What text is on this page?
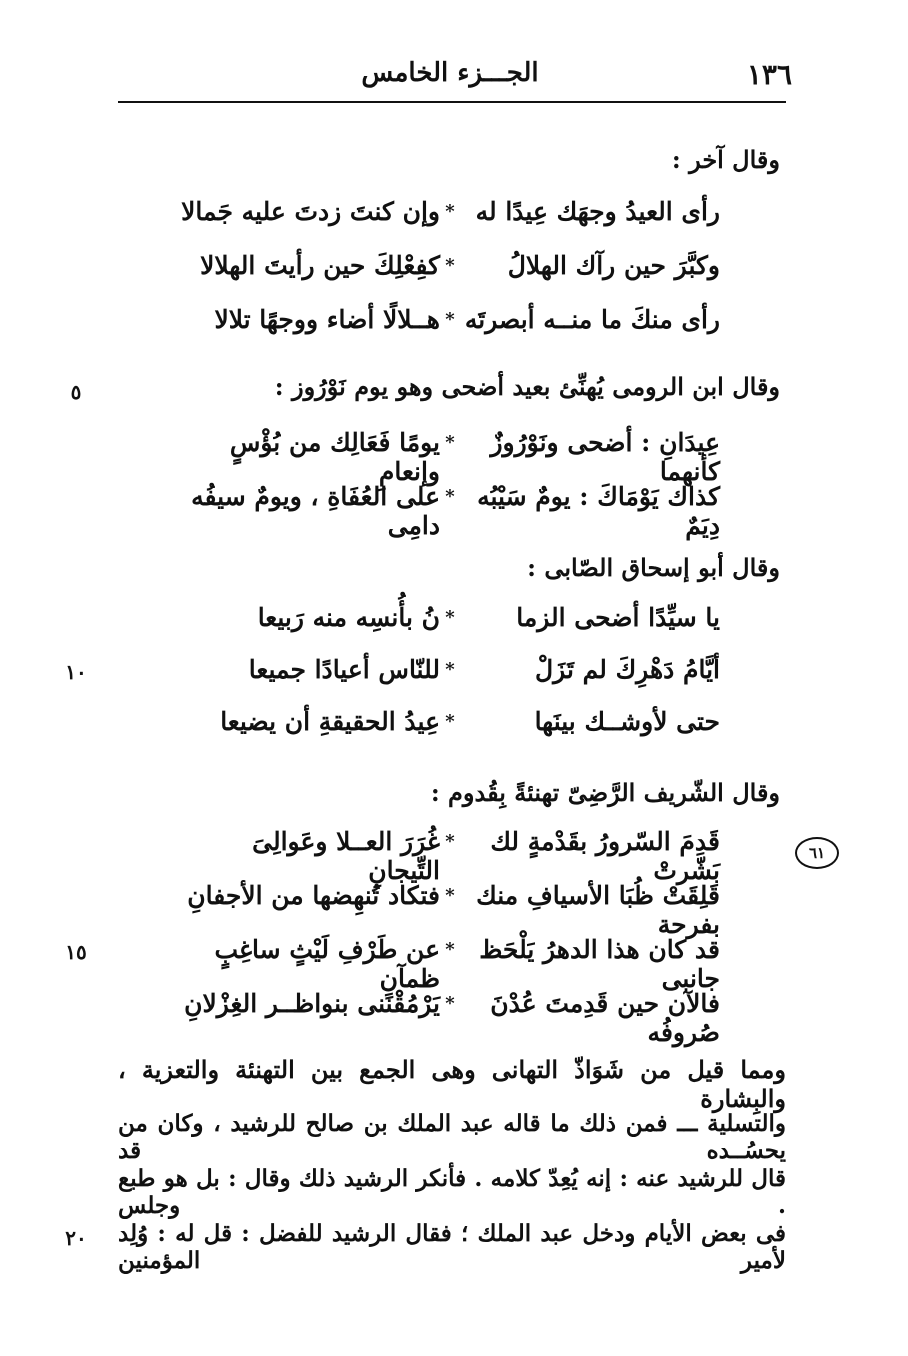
١٣٦
الجـــزء الخامس
وقال آخر :
رأى العيدُ وجهَك عِيدًا له
*
وإن كنتَ زدتَ عليه جَمالا
وكبَّرَ حين رآك الهلالُ
*
كفِعْلِكَ حين رأيتَ الهلالا
رأى منكَ ما منــه أبصرتَه
*
هــلالًا أضاء ووجهًا تلالا
وقال ابن الرومى يُهنِّئ بعيد أضحى وهو يوم نَوْرُوز :
٥
عِيدَانِ : أضحى ونَوْرُوزٌ كأنهما
*
يومًا فَعَالِك من بُؤْسٍ وإنعامِ
كذاك يَوْمَاكَ : يومٌ سَيْبُه دِيَمٌ
*
على العُفَاةِ ، ويومٌ سيفُه دامِى
وقال أبو إسحاق الصّابى :
يا سيِّدًا أضحى الزما
*
نُ بأُنسِه منه رَبيعا
١٠	أيَّامُ دَهْرِكَ لم تَزَلْ
*
للنّاس أعيادًا جميعا
حتى لأوشــك بينَها
*
عِيدُ الحقيقةِ أن يضيعا
وقال الشّريف الرَّضِىّ تهنئةً بِقُدوم :
٦١
قَدِمَ السّرورُ بقَدْمةٍ لك بَشّرتْ
*
غُرَرَ العــلا وعَوالِىَ التِّيجانِ
قَلِقَتْ ظُبَا الأسيافِ منك بفرحة
*
فتكاد تُنهِضها من الأجفانِ
١٥	قد كان هذا الدهرُ يَلْحَظ جانبى
*
عن طَرْفِ لَيْثٍ ساغِبٍ ظمآنِ
فالآن حين قَدِمتَ عُدْنَ صُروفُه
*
يَرْمُقْنَنى بنواظــر الغِزْلانِ
ومما قيل من شَوَاذّ التهانى وهى الجمع بين التهنئة والتعزية ، والبِشارة
والتسلية ـــ فمن ذلك ما قاله عبد الملك بن صالح للرشيد ، وكان من يحسُــده قد
قال للرشيد عنه : إنه يُعِدّ كلامه . فأنكر الرشيد ذلك وقال : بل هو طبع . وجلس
فى بعض الأيام ودخل عبد الملك ؛ فقال الرشيد للفضل : قل له : وُلِد لأمير المؤمنين
٢٠
